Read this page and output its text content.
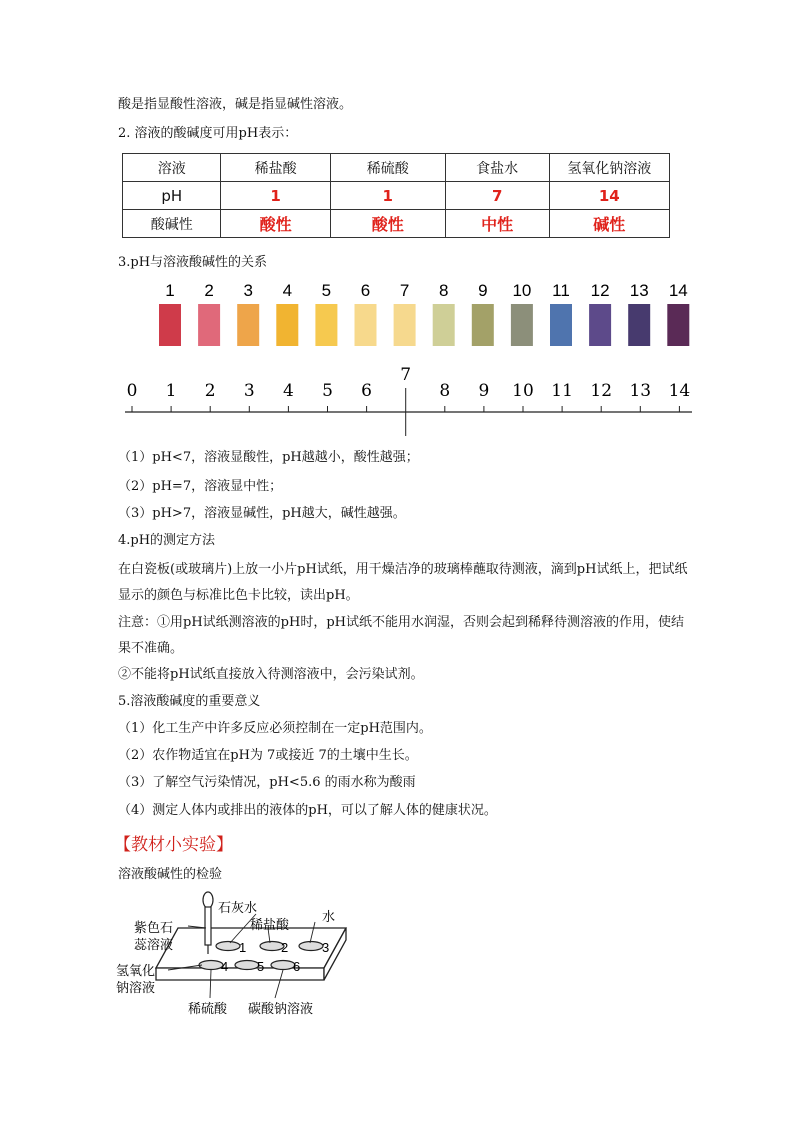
酸是指显酸性溶液，碱是指显碱性溶液。
2. 溶液的酸碱度可用pH表示：
溶液	稀盐酸	稀硫酸	食盐水	氢氧化钠溶液
pH	1	1	7	14
酸碱性	酸性	酸性	中性	碱性
3.pH与溶液酸碱性的关系
1 2 3 4 5 6 7 8 9 10 11 12 13 14
0 1 2 3 4 5 6
7
8 9 10 11 12 13 14
（1）pH<7，溶液显酸性，pH越越小，酸性越强；
（2）pH=7，溶液显中性；
（3）pH>7，溶液显碱性，pH越大，碱性越强。
4.pH的测定方法
在白瓷板(或玻璃片)上放一小片pH试纸，用干燥洁净的玻璃棒蘸取待测液，滴到pH试纸上，把试纸显示的颜色与标准比色卡比较，读出pH。
注意：①用pH试纸测溶液的pH时，pH试纸不能用水润湿，否则会起到稀释待测溶液的作用，使结果不准确。
②不能将pH试纸直接放入待测溶液中，会污染试剂。
5.溶液酸碱度的重要意义
（1）化工生产中许多反应必须控制在一定pH范围内。
（2）农作物适宜在pH为 7或接近 7的土壤中生长。
（3）了解空气污染情况，pH<5.6 的雨水称为酸雨
（4）测定人体内或排出的液体的pH，可以了解人体的健康状况。
【教材小实验】
溶液酸碱性的检验
1	2	3
4 5 6
石灰水
稀盐酸
水
紫色石
蕊溶液
氢氧化
钠溶液
稀硫酸 碳酸钠溶液
